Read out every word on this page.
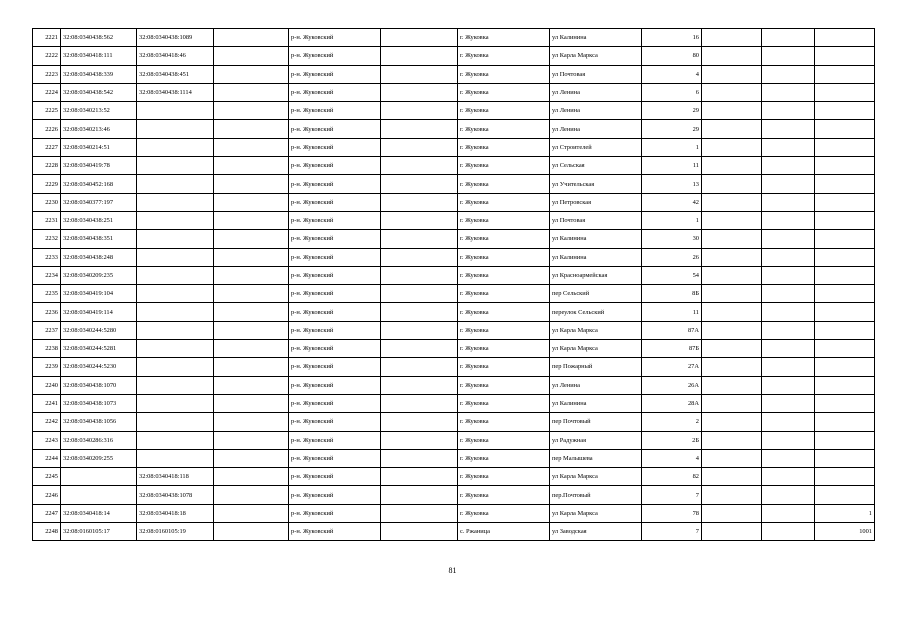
2221	32:08:0340438:562	32:08:0340438:1089		р-н. Жуковский		г. Жуковка	ул Калинина	16			
2222	32:08:0340418:111	32:08:0340418:46		р-н. Жуковский		г. Жуковка	ул Карла Маркса	80			
2223	32:08:0340438:339	32:08:0340438:451		р-н. Жуковский		г. Жуковка	ул Почтовая	4			
2224	32:08:0340438:542	32:08:0340438:1114		р-н. Жуковский		г. Жуковка	ул Ленина	6			
2225	32:08:0340213:52			р-н. Жуковский		г. Жуковка	ул Ленина	29			
2226	32:08:0340213:46			р-н. Жуковский		г. Жуковка	ул Ленина	29			
2227	32:08:0340214:51			р-н. Жуковский		г. Жуковка	ул Строителей	1			
2228	32:08:0340419:78			р-н. Жуковский		г. Жуковка	ул Сельская	11			
2229	32:08:0340452:168			р-н. Жуковский		г. Жуковка	ул Учительская	13			
2230	32:08:0340377:197			р-н. Жуковский		г. Жуковка	ул Петровская	42			
2231	32:08:0340438:251			р-н. Жуковский		г. Жуковка	ул Почтовая	1			
2232	32:08:0340438:351			р-н. Жуковский		г. Жуковка	ул Калинина	30			
2233	32:08:0340438:248			р-н. Жуковский		г. Жуковка	ул Калинина	26			
2234	32:08:0340209:235			р-н. Жуковский		г. Жуковка	ул Красноармейская	54			
2235	32:08:0340419:104			р-н. Жуковский		г. Жуковка	пер Сельский	8Б			
2236	32:08:0340419:114			р-н. Жуковский		г. Жуковка	переулок Сельский	11			
2237	32:08:0340244:5280			р-н. Жуковский		г. Жуковка	ул Карла Маркса	87А			
2238	32:08:0340244:5281			р-н. Жуковский		г. Жуковка	ул Карла Маркса	87Б			
2239	32:08:0340244:5230			р-н. Жуковский		г. Жуковка	пер Пожарный	27А			
2240	32:08:0340438:1070			р-н. Жуковский		г. Жуковка	ул Ленина	26А			
2241	32:08:0340438:1073			р-н. Жуковский		г. Жуковка	ул Калинина	28А			
2242	32:08:0340438:1056			р-н. Жуковский		г. Жуковка	пер Почтовый	2			
2243	32:08:0340286:316			р-н. Жуковский		г. Жуковка	ул Радужная	2Б			
2244	32:08:0340209:255			р-н. Жуковский		г. Жуковка	пер Малышева	4			
2245		32:08:0340418:118		р-н. Жуковский		г. Жуковка	ул Карла Маркса	82			
2246		32:08:0340438:1078		р-н. Жуковский		г. Жуковка	пер.Почтовый	7			
2247	32:08:0340418:14	32:08:0340418:18		р-н. Жуковский		г. Жуковка	ул Карла Маркса	78			1
2248	32:08:0160105:17	32:08:0160105:19		р-н. Жуковский		с. Ржаница	ул Заводская	7			1001
81
